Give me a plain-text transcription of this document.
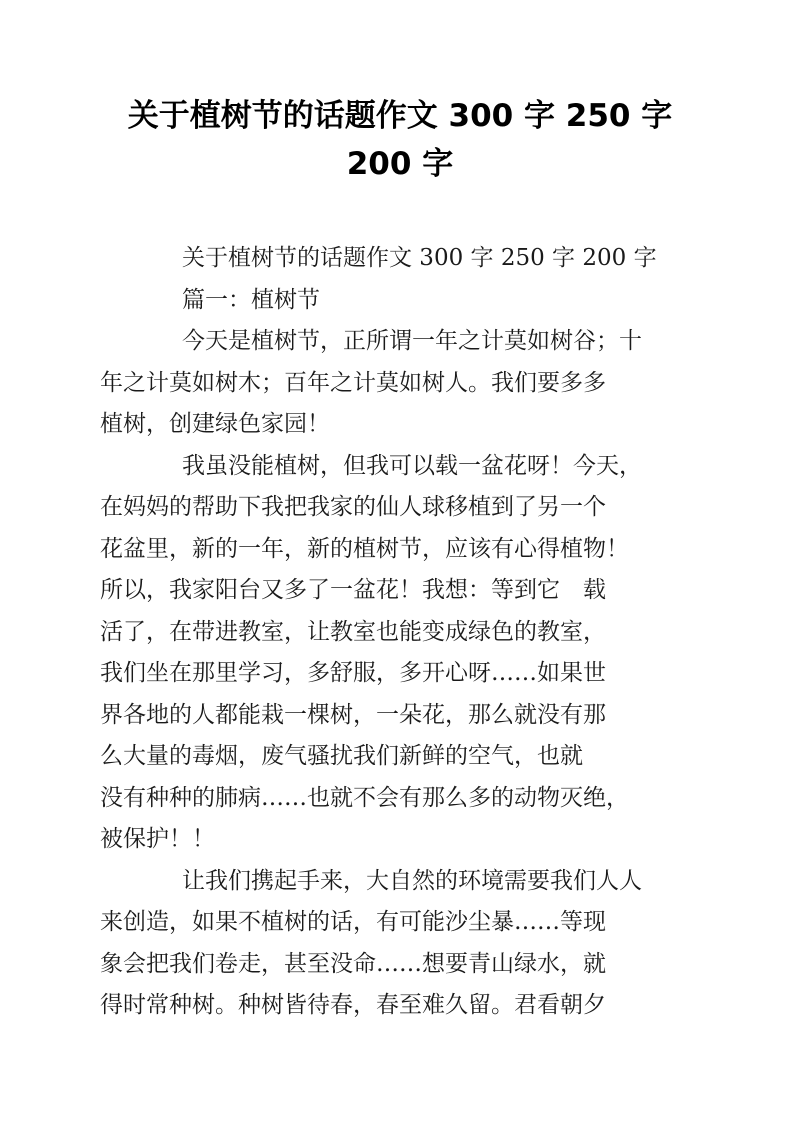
关于植树节的话题作文 300 字 250 字
200 字
关于植树节的话题作文 300 字 250 字 200 字
篇一：植树节
今天是植树节，正所谓一年之计莫如树谷；十
年之计莫如树木；百年之计莫如树人。我们要多多
植树，创建绿色家园！
我虽没能植树，但我可以载一盆花呀！今天，
在妈妈的帮助下我把我家的仙人球移植到了另一个
花盆里，新的一年，新的植树节，应该有心得植物！
所以，我家阳台又多了一盆花！我想：等到它　载
活了，在带进教室，让教室也能变成绿色的教室，
我们坐在那里学习，多舒服，多开心呀……如果世
界各地的人都能栽一棵树，一朵花，那么就没有那
么大量的毒烟，废气骚扰我们新鲜的空气，也就
没有种种的肺病……也就不会有那么多的动物灭绝，
被保护！！
让我们携起手来，大自然的环境需要我们人人
来创造，如果不植树的话，有可能沙尘暴……等现
象会把我们卷走，甚至没命……想要青山绿水，就
得时常种树。种树皆待春，春至难久留。君看朝夕
